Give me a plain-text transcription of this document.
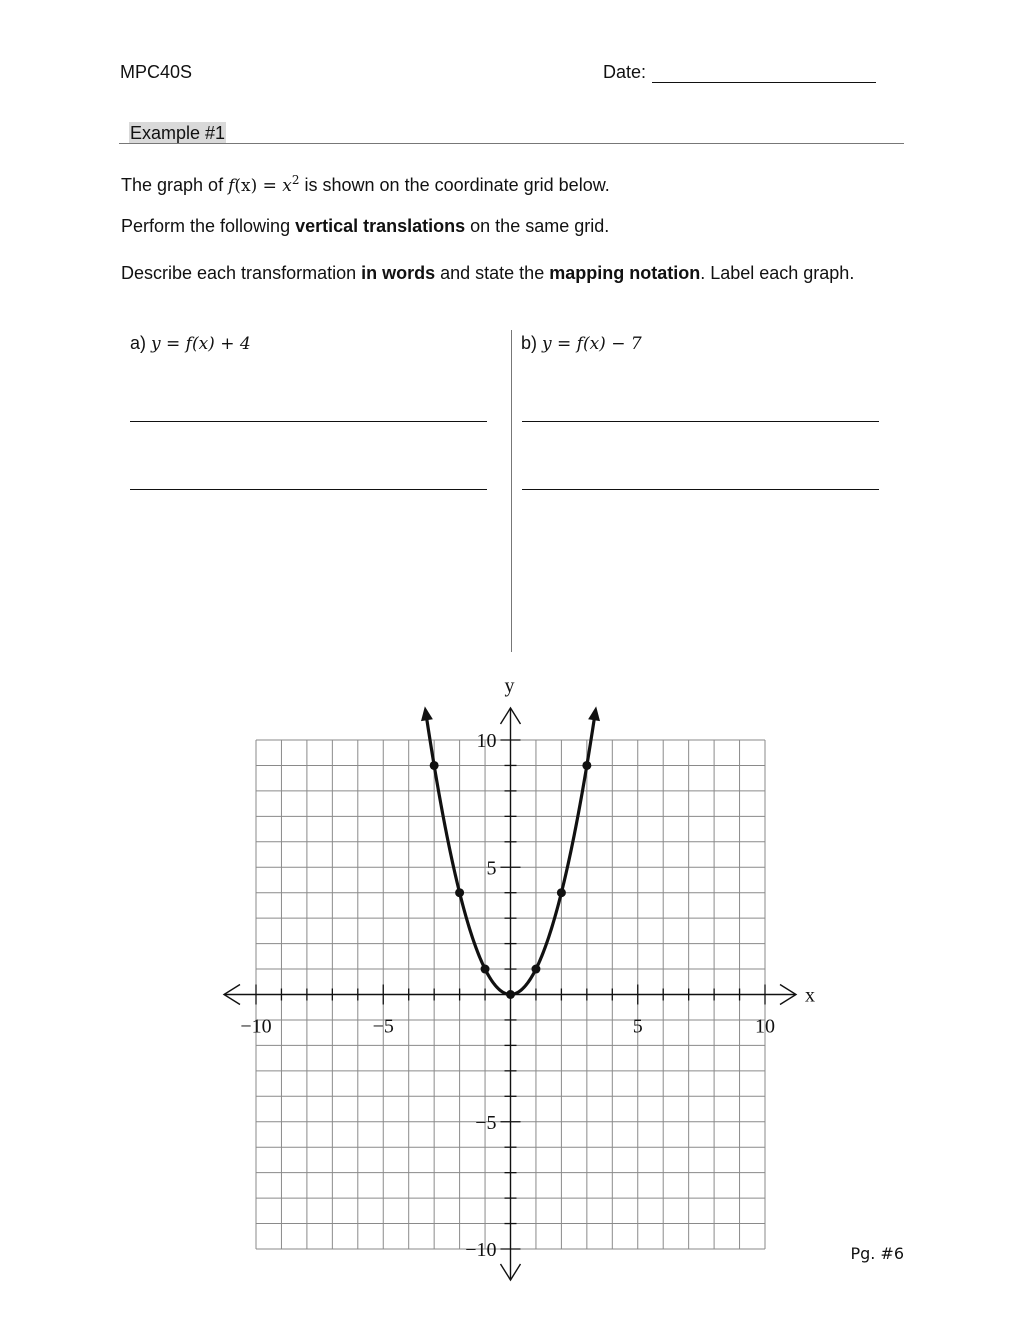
MPC40S	Date:
Example #1
The graph of $f(x) = x^2$ is shown on the coordinate grid below.
Perform the following vertical translations on the same grid.
Describe each transformation in words and state the mapping notation. Label each graph.
a) y = f(x) + 4	b) y = f(x) − 7
x
y
−10	−5	5	10
10
5
−5
−10	Pg. #6
